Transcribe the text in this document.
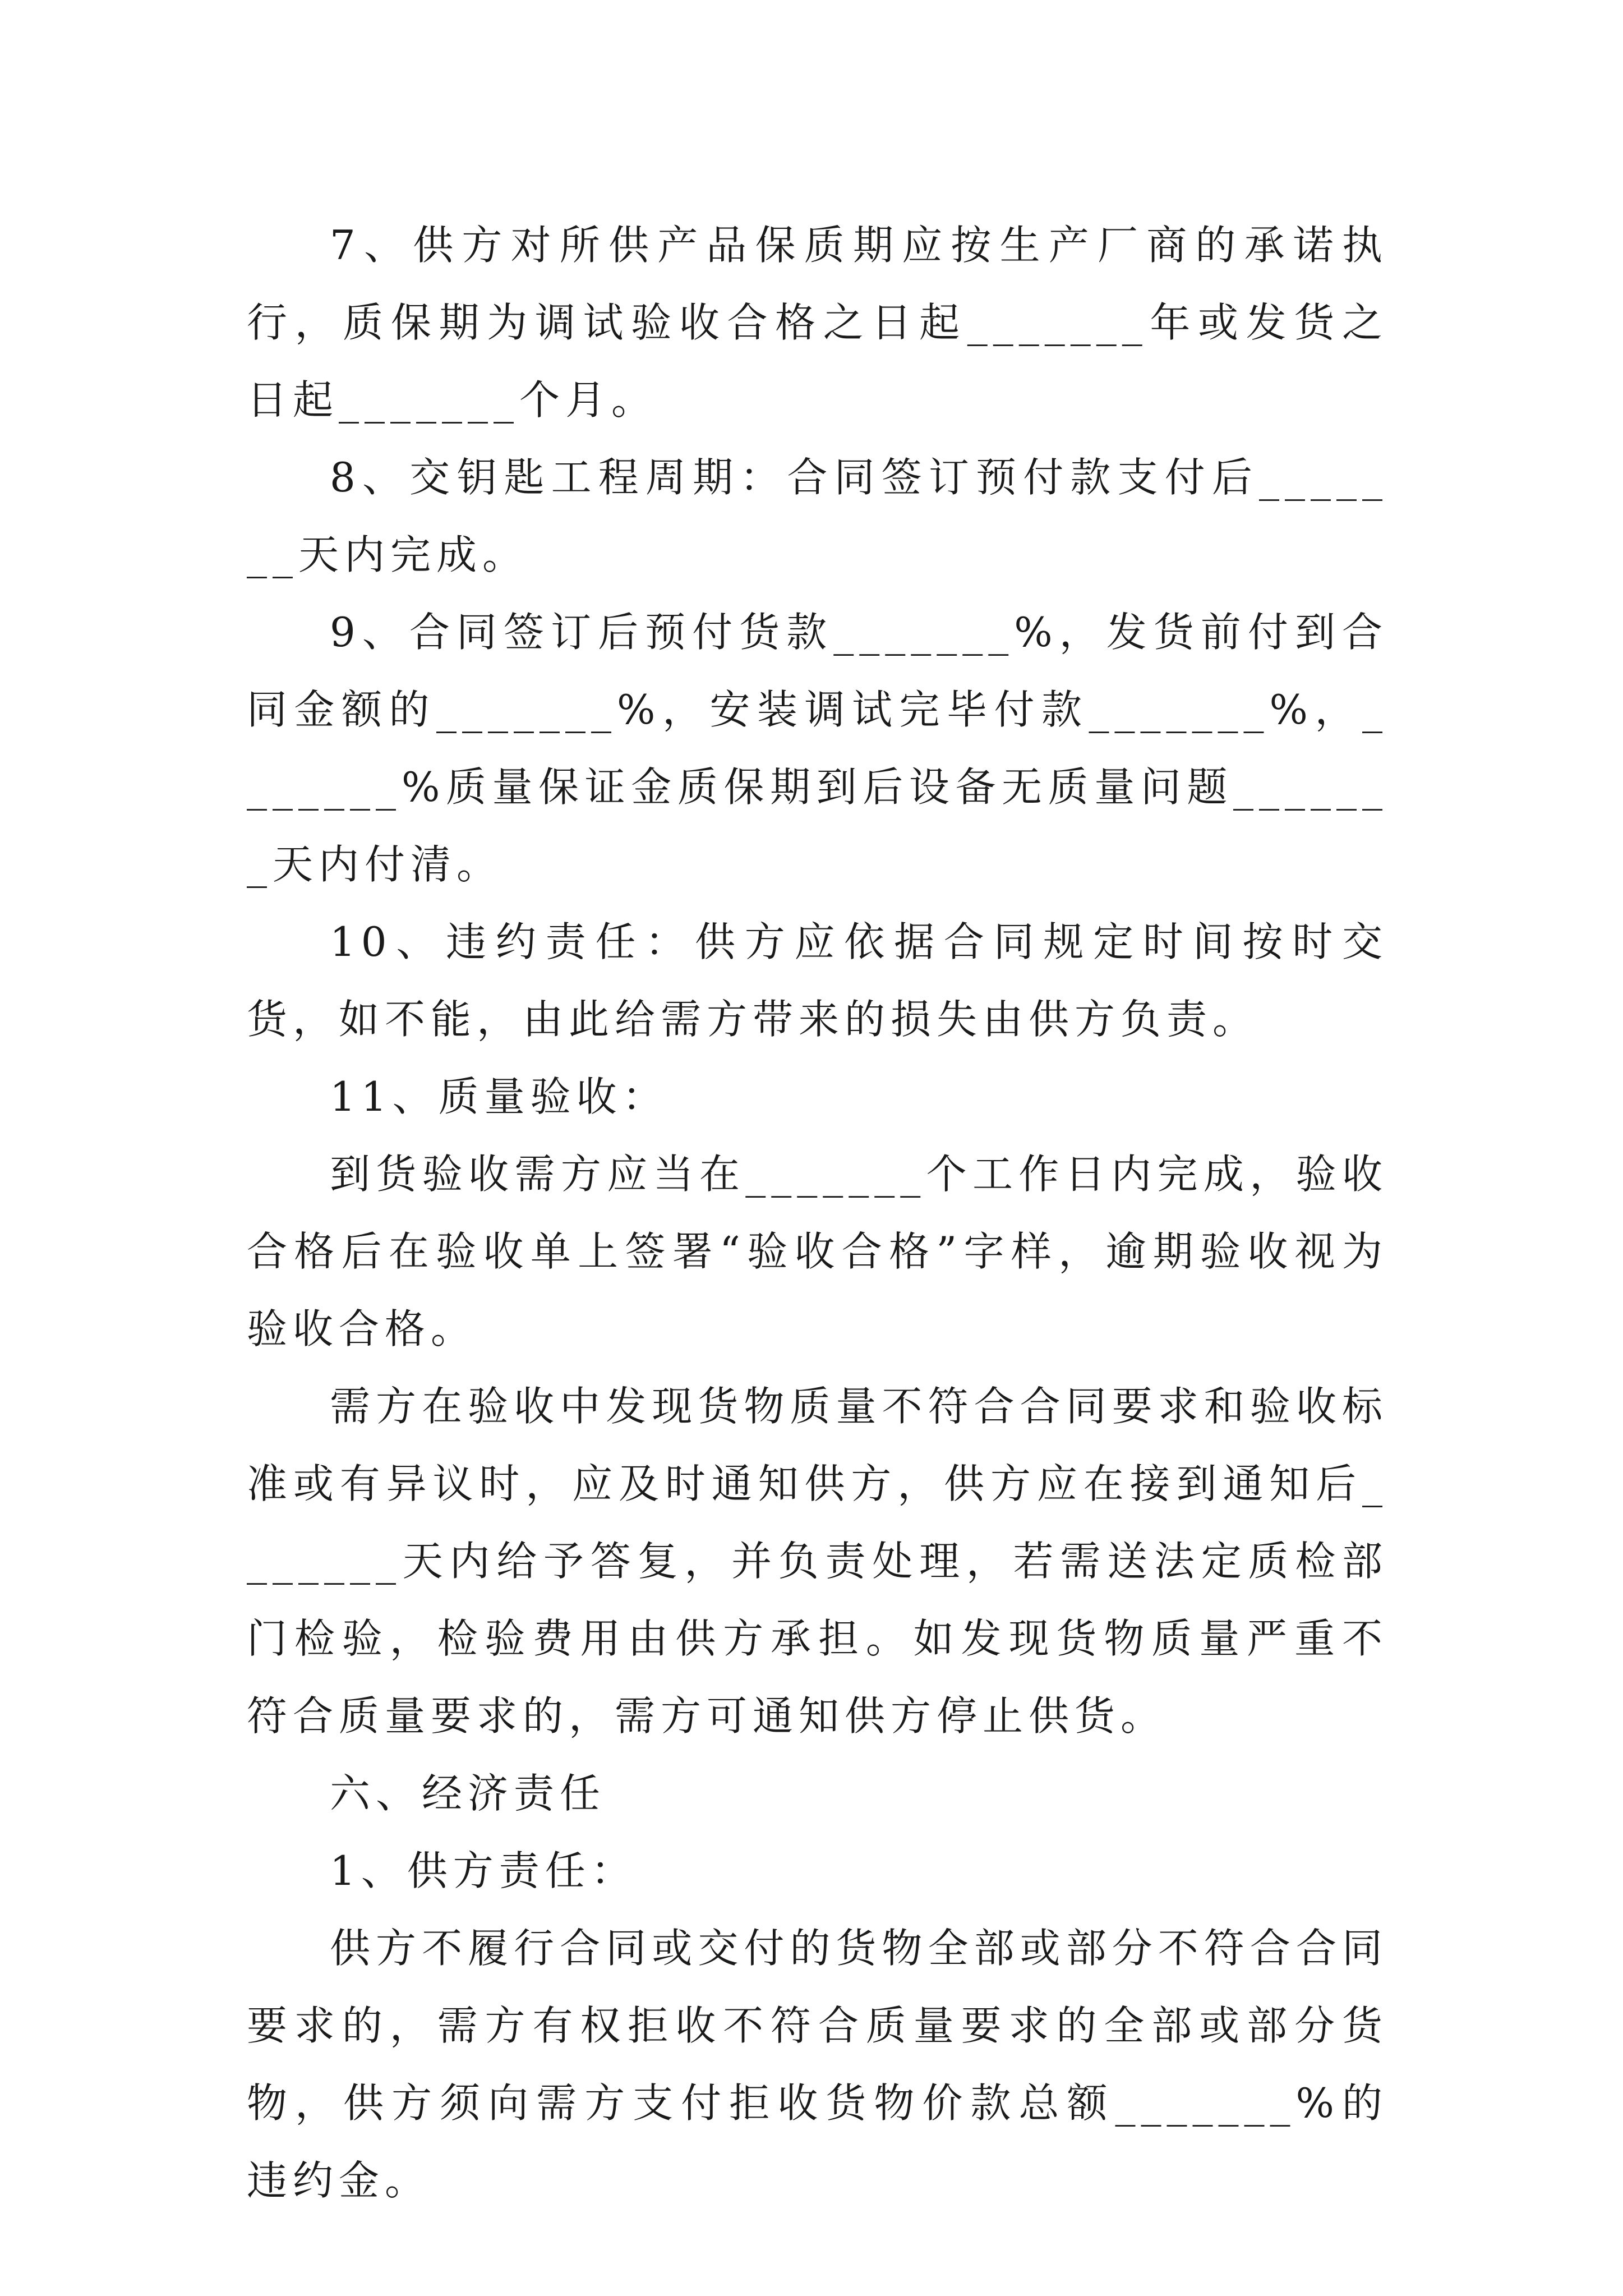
7、供方对所供产品保质期应按生产厂商的承诺执行，质保期为调试验收合格之日起_______年或发货之日起_______个月。

8、交钥匙工程周期：合同签订预付款支付后_______天内完成。

9、合同签订后预付货款_______%，发货前付到合同金额的_______%，安装调试完毕付款_______%，_______%质量保证金质保期到后设备无质量问题_______天内付清。

10、违约责任：供方应依据合同规定时间按时交货，如不能，由此给需方带来的损失由供方负责。

11、质量验收：

到货验收需方应当在_______个工作日内完成，验收合格后在验收单上签署“验收合格”字样，逾期验收视为验收合格。

需方在验收中发现货物质量不符合合同要求和验收标准或有异议时，应及时通知供方，供方应在接到通知后_______天内给予答复，并负责处理，若需送法定质检部门检验，检验费用由供方承担。如发现货物质量严重不符合质量要求的，需方可通知供方停止供货。

六、经济责任

1、供方责任：

供方不履行合同或交付的货物全部或部分不符合合同要求的，需方有权拒收不符合质量要求的全部或部分货物，供方须向需方支付拒收货物价款总额_______%的违约金。
